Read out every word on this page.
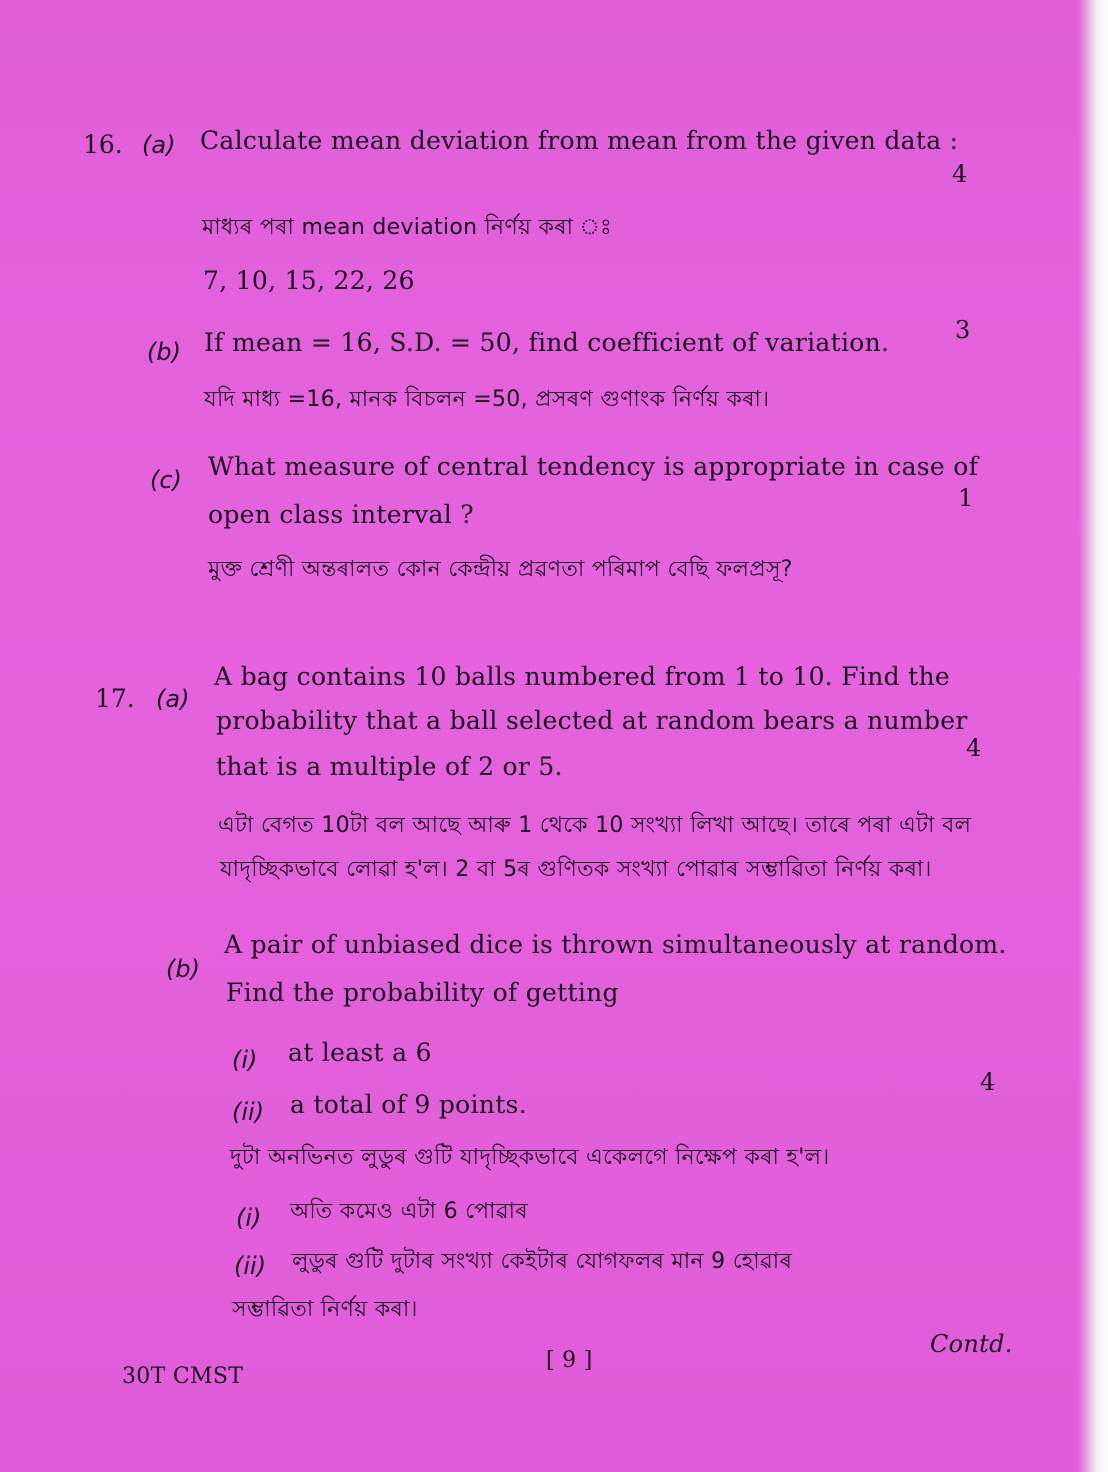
16. (a) Calculate mean deviation from mean from the given data :
4
মাধ্যৰ পৰা mean deviation নিৰ্ণয় কৰা ঃ
7, 10, 15, 22, 26
(b) If mean = 16, S.D. = 50, find coefficient of variation.	3
যদি মাধ্য =16, মানক বিচলন =50, প্ৰসৰণ গুণাংক নিৰ্ণয় কৰা।
(c) What measure of central tendency is appropriate in case of
open class interval ?
1
মুক্ত শ্ৰেণী অন্তৰালত কোন কেন্দ্ৰীয় প্ৰৱণতা পৰিমাপ বেছি ফলপ্ৰসূ?
17. (a)
A bag contains 10 balls numbered from 1 to 10. Find the
probability that a ball selected at random bears a number
that is a multiple of 2 or 5.
4
এটা বেগত 10টা বল আছে আৰু 1 থেকে 10 সংখ্যা লিখা আছে। তাৰে পৰা এটা বল
যাদৃচ্ছিকভাবে লোৱা হ'ল। 2 বা 5ৰ গুণিতক সংখ্যা পোৱাৰ সম্ভাৱিতা নিৰ্ণয় কৰা।
(b)
A pair of unbiased dice is thrown simultaneously at random.
Find the probability of getting
(i) at least a 6
(ii) a total of 9 points.
4
দুটা অনভিনত লুডুৰ গুটি যাদৃচ্ছিকভাবে একেলগে নিক্ষেপ কৰা হ'ল।
(i) অতি কমেও এটা 6 পোৱাৰ
(ii) লুডুৰ গুটি দুটাৰ সংখ্যা কেইটাৰ যোগফলৰ মান 9 হোৱাৰ
সম্ভাৱিতা নিৰ্ণয় কৰা।
30T CMST
[ 9 ]
Contd.
